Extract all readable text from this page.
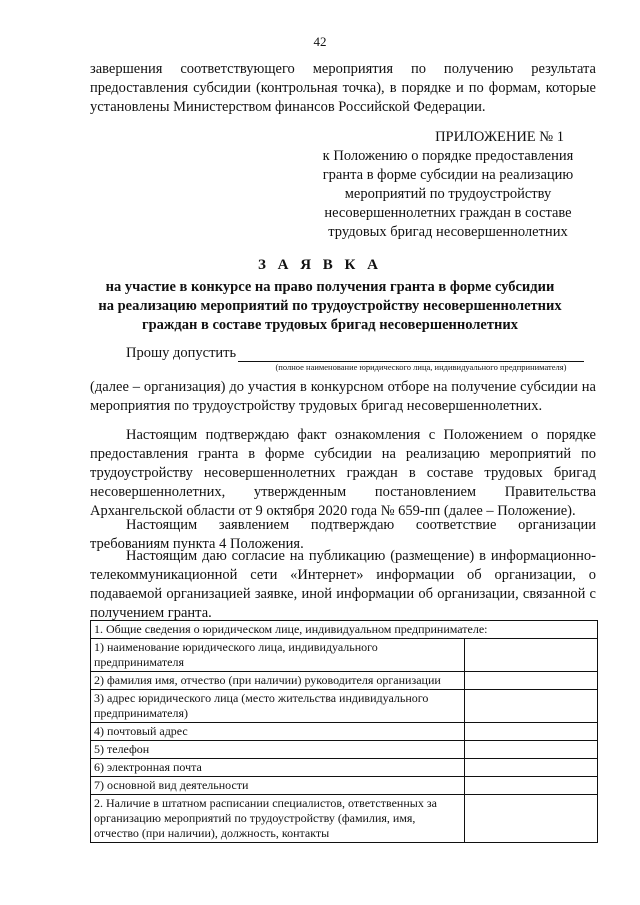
42
завершения соответствующего мероприятия по получению результата предоставления субсидии (контрольная точка), в порядке и по формам, которые установлены Министерством финансов Российской Федерации.
ПРИЛОЖЕНИЕ № 1
к Положению о порядке предоставления
гранта в форме субсидии на реализацию
мероприятий по трудоустройству
несовершеннолетних граждан в составе
трудовых бригад несовершеннолетних
З А Я В К А
на участие в конкурсе на право получения гранта в форме субсидии
на реализацию мероприятий по трудоустройству несовершеннолетних
граждан в составе трудовых бригад несовершеннолетних
Прошу допустить
(полное наименование юридического лица, индивидуального предпринимателя)
(далее – организация) до участия в конкурсном отборе на получение субсидии на мероприятия по трудоустройству трудовых бригад несовершеннолетних.
Настоящим подтверждаю факт ознакомления с Положением о порядке предоставления гранта в форме субсидии на реализацию мероприятий по трудоустройству несовершеннолетних граждан в составе трудовых бригад несовершеннолетних, утвержденным постановлением Правительства Архангельской области от 9 октября 2020 года № 659-пп (далее – Положение).
Настоящим заявлением подтверждаю соответствие организации требованиям пункта 4 Положения.
Настоящим даю согласие на публикацию (размещение) в информационно-телекоммуникационной сети «Интернет» информации об организации, о подаваемой организацией заявке, иной информации об организации, связанной с получением гранта.
1. Общие сведения о юридическом лице, индивидуальном предпринимателе:	
1) наименование юридического лица, индивидуального предпринимателя	
2) фамилия имя, отчество (при наличии) руководителя организации	
3) адрес юридического лица (место жительства индивидуального предпринимателя)	
4) почтовый адрес	
5) телефон	
6) электронная почта	
7) основной вид деятельности	
2. Наличие в штатном расписании специалистов, ответственных за организацию мероприятий по трудоустройству (фамилия, имя, отчество (при наличии), должность, контакты	
